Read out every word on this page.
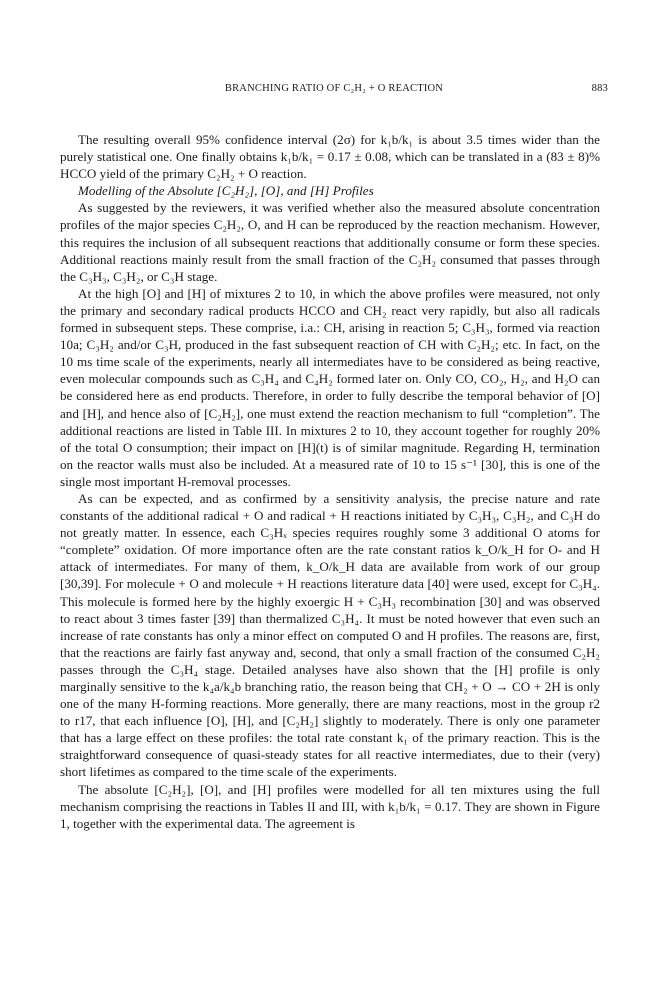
BRANCHING RATIO OF C₂H₂ + O REACTION	883

The resulting overall 95% confidence interval (2σ) for k₁b/k₁ is about 3.5 times wider than the purely statistical one. One finally obtains k₁b/k₁ = 0.17 ± 0.08, which can be translated in a (83 ± 8)% HCCO yield of the primary C₂H₂ + O reaction.

Modelling of the Absolute [C₂H₂], [O], and [H] Profiles

As suggested by the reviewers, it was verified whether also the measured absolute concentration profiles of the major species C₂H₂, O, and H can be reproduced by the reaction mechanism. However, this requires the inclusion of all subsequent reactions that additionally consume or form these species. Additional reactions mainly result from the small fraction of the C₂H₂ consumed that passes through the C₃H₃, C₃H₂, or C₃H stage.

At the high [O] and [H] of mixtures 2 to 10, in which the above profiles were measured, not only the primary and secondary radical products HCCO and CH₂ react very rapidly, but also all radicals formed in subsequent steps. These comprise, i.a.: CH, arising in reaction 5; C₃H₃, formed via reaction 10a; C₃H₂ and/or C₃H, produced in the fast subsequent reaction of CH with C₂H₂; etc. In fact, on the 10 ms time scale of the experiments, nearly all intermediates have to be considered as being reactive, even molecular compounds such as C₃H₄ and C₄H₂ formed later on. Only CO, CO₂, H₂, and H₂O can be considered here as end products. Therefore, in order to fully describe the temporal behavior of [O] and [H], and hence also of [C₂H₂], one must extend the reaction mechanism to full “completion”. The additional reactions are listed in Table III. In mixtures 2 to 10, they account together for roughly 20% of the total O consumption; their impact on [H](t) is of similar magnitude. Regarding H, termination on the reactor walls must also be included. At a measured rate of 10 to 15 s⁻¹ [30], this is one of the single most important H-removal processes.

As can be expected, and as confirmed by a sensitivity analysis, the precise nature and rate constants of the additional radical + O and radical + H reactions initiated by C₃H₃, C₃H₂, and C₃H do not greatly matter. In essence, each C₃Hₓ species requires roughly some 3 additional O atoms for “complete” oxidation. Of more importance often are the rate constant ratios k_O/k_H for O- and H attack of intermediates. For many of them, k_O/k_H data are available from work of our group [30,39]. For molecule + O and molecule + H reactions literature data [40] were used, except for C₃H₄. This molecule is formed here by the highly exoergic H + C₃H₃ recombination [30] and was observed to react about 3 times faster [39] than thermalized C₃H₄. It must be noted however that even such an increase of rate constants has only a minor effect on computed O and H profiles. The reasons are, first, that the reactions are fairly fast anyway and, second, that only a small fraction of the consumed C₂H₂ passes through the C₃H₄ stage. Detailed analyses have also shown that the [H] profile is only marginally sensitive to the k₄a/k₄b branching ratio, the reason being that CH₂ + O → CO + 2H is only one of the many H-forming reactions. More generally, there are many reactions, most in the group r2 to r17, that each influence [O], [H], and [C₂H₂] slightly to moderately. There is only one parameter that has a large effect on these profiles: the total rate constant k₁ of the primary reaction. This is the straightforward consequence of quasi-steady states for all reactive intermediates, due to their (very) short lifetimes as compared to the time scale of the experiments.

The absolute [C₂H₂], [O], and [H] profiles were modelled for all ten mixtures using the full mechanism comprising the reactions in Tables II and III, with k₁b/k₁ = 0.17. They are shown in Figure 1, together with the experimental data. The agreement is
